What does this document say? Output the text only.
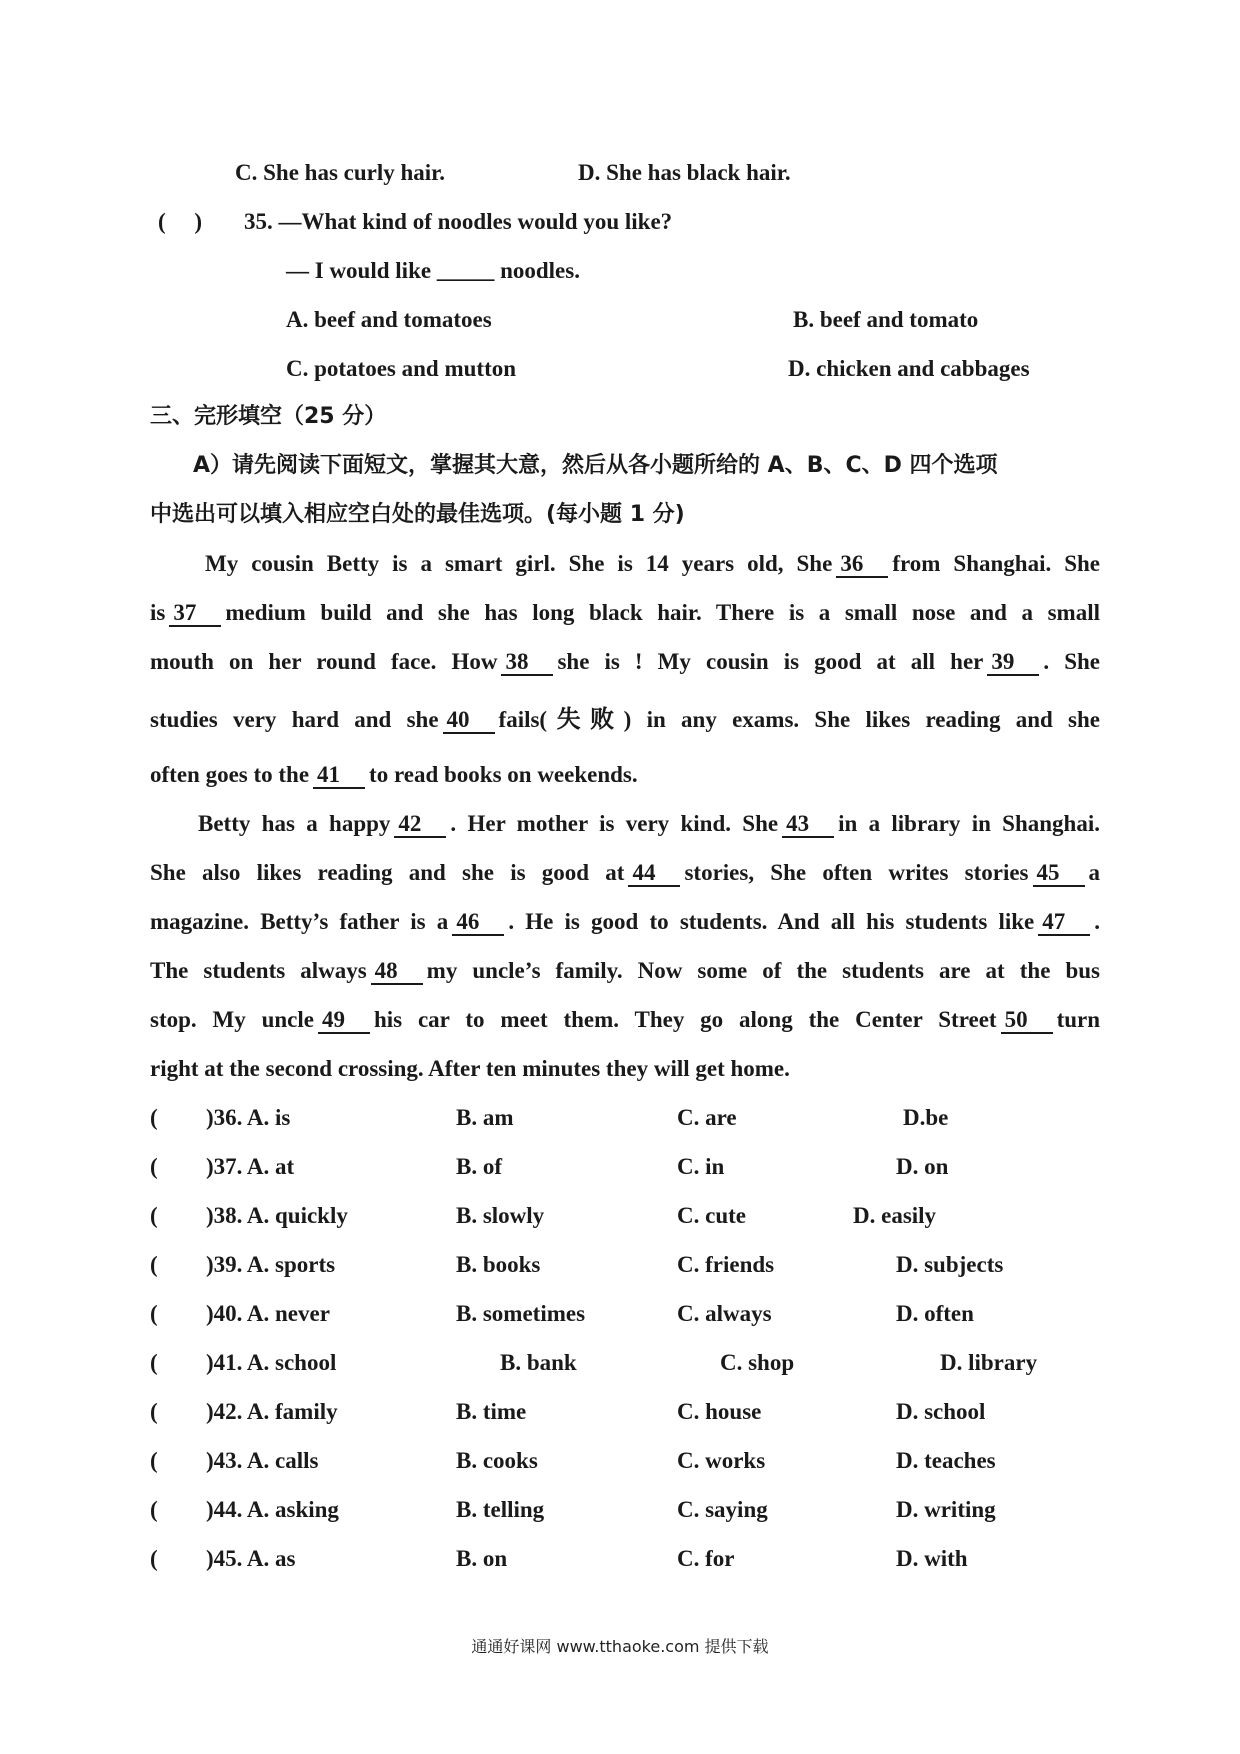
C. She has curly hair.	D. She has black hair.
(     ) 35. —What kind of noodles would you like?
— I would like _____ noodles.
A. beef and tomatoes	B. beef and tomato
C. potatoes and mutton	D. chicken and cabbages
三、完形填空（25 分）
A）请先阅读下面短文，掌握其大意，然后从各小题所给的 A、B、C、D 四个选项
中选出可以填入相应空白处的最佳选项。(每小题 1 分)
My cousin Betty is a smart girl. She is 14 years old, She 36 from Shanghai. She
is 37 medium build and she has long black hair. There is a small nose and a small
mouth on her round face. How 38 she is ! My cousin is good at all her 39 . She
studies very hard and she 40 fails(失败) in any exams. She likes reading and she
often goes to the 41 to read books on weekends.
Betty has a happy 42 . Her mother is very kind. She 43 in a library in Shanghai.
She also likes reading and she is good at 44 stories, She often writes stories 45 a
magazine. Betty’s father is a 46 . He is good to students. And all his students like 47 .
The students always 48 my uncle’s family. Now some of the students are at the bus
stop. My uncle 49 his car to meet them. They go along the Center Street 50 turn
right at the second crossing. After ten minutes they will get home.
( )36. A. is	B. am	C. are	D.be
( )37. A. at	B. of	C. in	D. on
( )38. A. quickly	B. slowly	C. cute	D. easily
( )39. A. sports	B. books	C. friends	D. subjects
( )40. A. never	B. sometimes	C. always	D. often
( )41. A. school	B. bank	C. shop	D. library
( )42. A. family	B. time	C. house	D. school
( )43. A. calls	B. cooks	C. works	D. teaches
( )44. A. asking	B. telling	C. saying	D. writing
( )45. A. as	B. on	C. for	D. with
通通好课网 www.tthaoke.com 提供下载
